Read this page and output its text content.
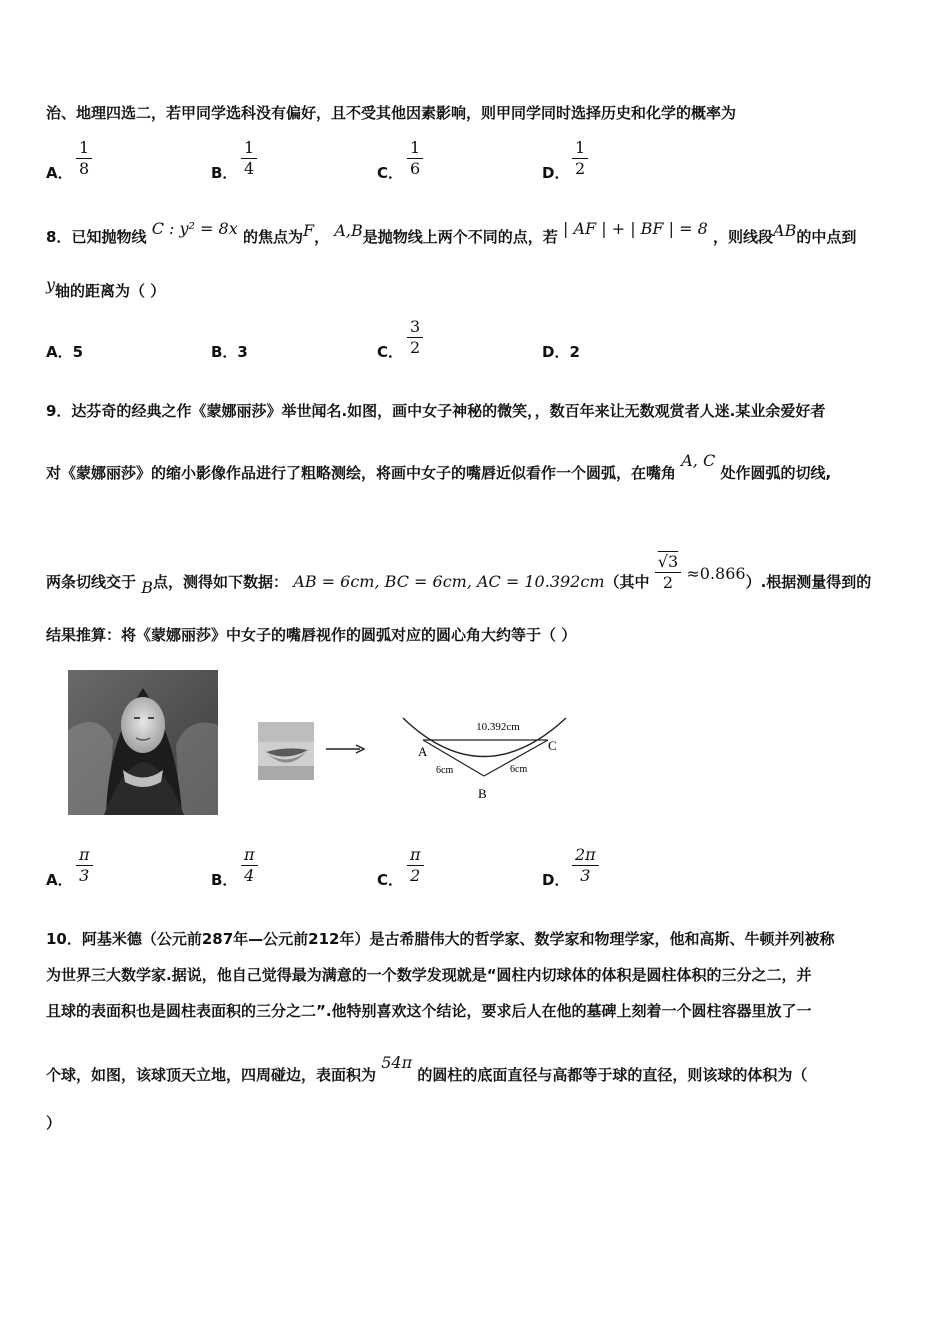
治、地理四选二，若甲同学选科没有偏好，且不受其他因素影响，则甲同学同时选择历史和化学的概率为
A．
1
8	B．
1
4	C．
1
6	D．
1
2
8．已知抛物线 C : y² = 8x 的焦点为F， A,B是抛物线上两个不同的点，若 | AF | + | BF | = 8 ，则线段AB的中点到
y轴的距离为（ ）
A．5	B．3	C．
3
2	D．2
9．达芬奇的经典之作《蒙娜丽莎》举世闻名.如图，画中女子神秘的微笑，，数百年来让无数观赏者人迷.某业余爱好者
对《蒙娜丽莎》的缩小影像作品进行了粗略测绘，将画中女子的嘴唇近似看作一个圆弧，在嘴角 A, C 处作圆弧的切线,
两条切线交于 B点，测得如下数据： AB = 6cm, BC = 6cm, AC = 10.392cm（其中 $\frac{√3}{2} \approx 0.866$）.根据测量得到的
结果推算：将《蒙娜丽莎》中女子的嘴唇视作的圆弧对应的圆心角大约等于（ ）
10.392cm
A	C
B
6cm	6cm
A．
π
3	B．
π
4	C．
π
2	D．
2π
3
10．阿基米德（公元前287年—公元前212年）是古希腊伟大的哲学家、数学家和物理学家，他和高斯、牛顿并列被称
为世界三大数学家.据说，他自己觉得最为满意的一个数学发现就是“圆柱内切球体的体积是圆柱体积的三分之二，并
且球的表面积也是圆柱表面积的三分之二”.他特别喜欢这个结论，要求后人在他的墓碑上刻着一个圆柱容器里放了一
个球，如图，该球顶天立地，四周碰边，表面积为 54π 的圆柱的底面直径与高都等于球的直径，则该球的体积为（
）
